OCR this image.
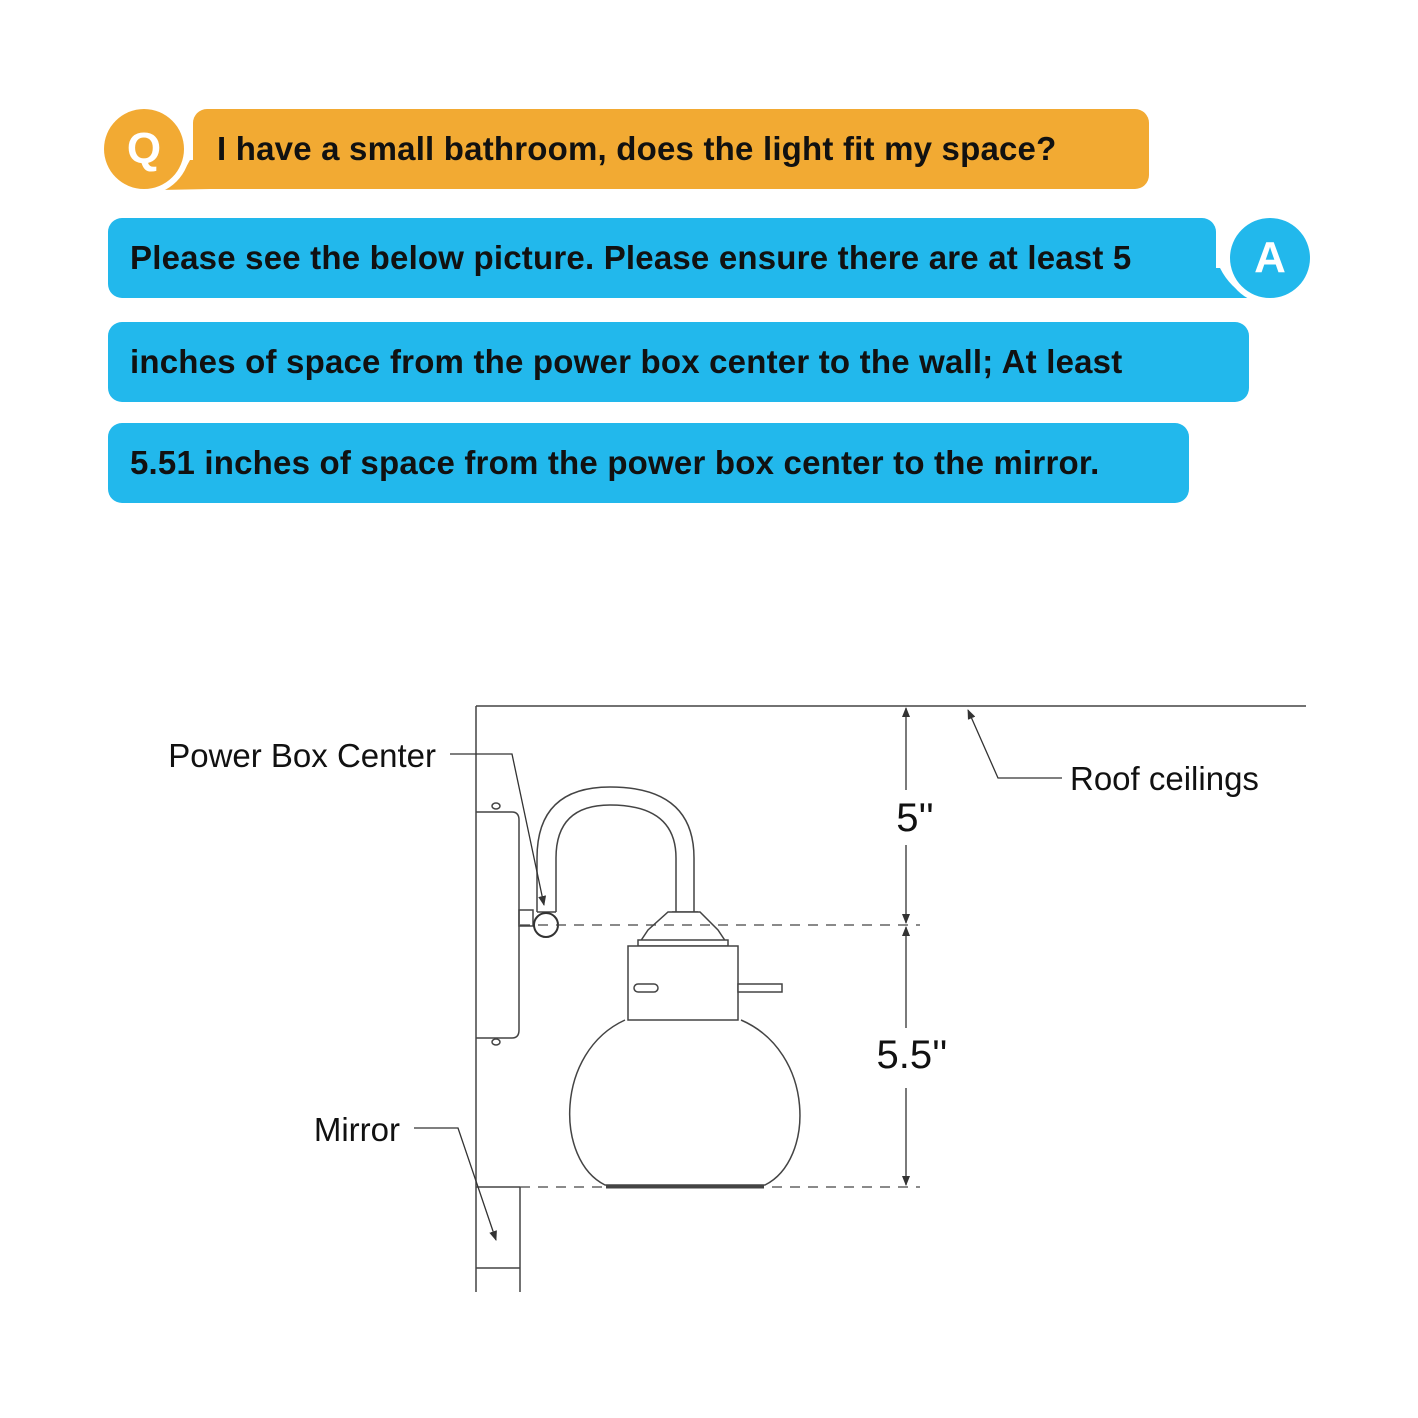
Q	I have a small bathroom, does the light fit my space?
Please see the below picture. Please ensure there are at least 5	A
inches of space from the power box center to the wall; At least
5.51 inches of space from the power box center to the mirror.
5''
5.5''
Power Box Center
Roof ceilings
Mirror
